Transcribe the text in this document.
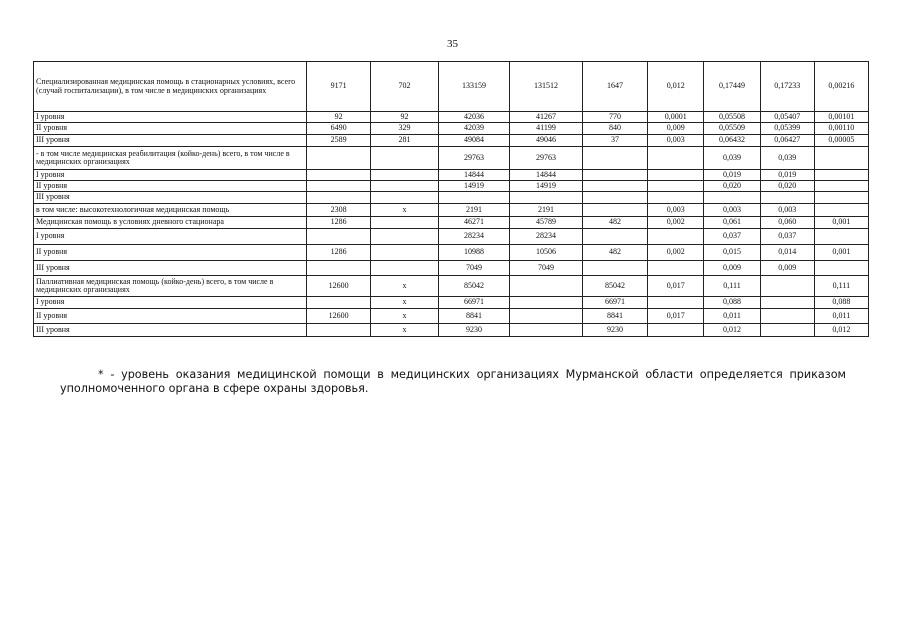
35
Специализированная медицинская помощь в стационарных условиях, всего
(случай госпитализации), в том числе в медицинских организациях	9171	702	133159	131512	1647	0,012	0,17449	0,17233	0,00216
I уровня	92	92	42036	41267	770	0,0001	0,05508	0,05407	0,00101
II уровня	6490	329	42039	41199	840	0,009	0,05509	0,05399	0,00110
III уровня	2589	281	49084	49046	37	0,003	0,06432	0,06427	0,00005
- в том числе медицинская реабилитация (койко-день) всего, в том числе в медицинских организациях			29763	29763			0,039	0,039	
I уровня			14844	14844			0,019	0,019	
II уровня			14919	14919			0,020	0,020	
III уровня									
в том числе: высокотехнологичная медицинская помощь	2308	х	2191	2191		0,003	0,003	0,003	
Медицинская помощь в условиях дневного стационара	1286		46271	45789	482	0,002	0,061	0,060	0,001
I уровня			28234	28234			0,037	0,037	
II уровня	1286		10988	10506	482	0,002	0,015	0,014	0,001
III уровня			7049	7049			0,009	0,009	
Паллиативная медицинская помощь (койко-день) всего, в том числе в медицинских организациях	12600	х	85042		85042	0,017	0,111		0,111
I уровня		х	66971		66971		0,088		0,088
II уровня	12600	х	8841		8841	0,017	0,011		0,011
III уровня		х	9230		9230		0,012		0,012
* - уровень оказания медицинской помощи в медицинских организациях Мурманской области определяется приказом
уполномоченного органа в сфере охраны здоровья.
